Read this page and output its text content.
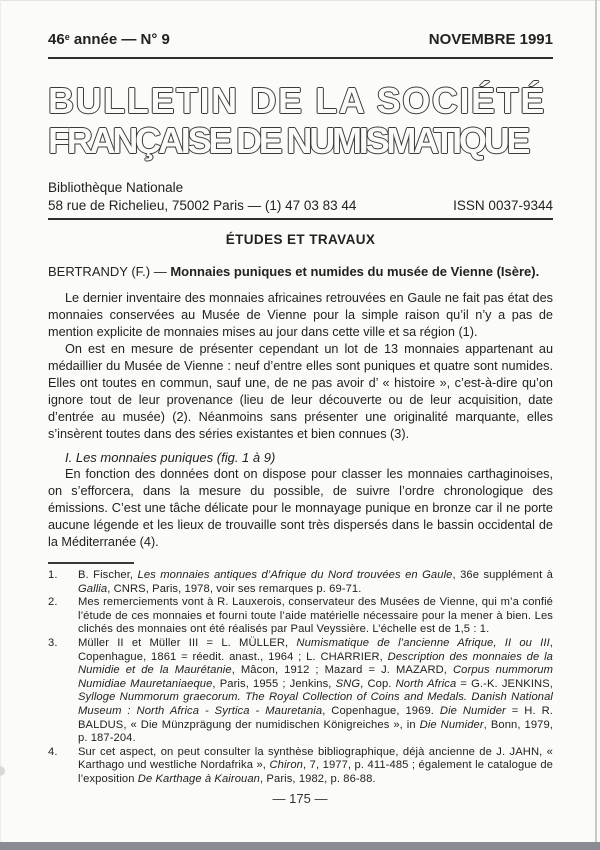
46e année — N° 9	NOVEMBRE 1991
BULLETIN DE LA SOCIÉTÉ
FRANÇAISE DE NUMISMATIQUE
Bibliothèque Nationale
58 rue de Richelieu, 75002 Paris — (1) 47 03 83 44	ISSN 0037-9344
ÉTUDES ET TRAVAUX

BERTRANDY (F.) — Monnaies puniques et numides du musée de Vienne (Isère).

Le dernier inventaire des monnaies africaines retrouvées en Gaule ne fait pas état des monnaies conservées au Musée de Vienne pour la simple raison qu’il n’y a pas de mention explicite de monnaies mises au jour dans cette ville et sa région (1).

On est en mesure de présenter cependant un lot de 13 monnaies appartenant au médaillier du Musée de Vienne : neuf d’entre elles sont puniques et quatre sont numides. Elles ont toutes en commun, sauf une, de ne pas avoir d’ « histoire », c’est-à-dire qu’on ignore tout de leur provenance (lieu de leur découverte ou de leur acquisition, date d’entrée au musée) (2). Néanmoins sans présenter une originalité marquante, elles s’insèrent toutes dans des séries existantes et bien connues (3).

I. Les monnaies puniques (fig. 1 à 9)

En fonction des données dont on dispose pour classer les monnaies carthaginoises, on s’efforcera, dans la mesure du possible, de suivre l’ordre chronologique des émissions. C’est une tâche délicate pour le monnayage punique en bronze car il ne porte aucune légende et les lieux de trouvaille sont très dispersés dans le bassin occidental de la Méditerranée (4).

1.	B. Fischer, Les monnaies antiques d’Afrique du Nord trouvées en Gaule, 36e supplément à Gallia, CNRS, Paris, 1978, voir ses remarques p. 69-71.
2.	Mes remerciements vont à R. Lauxerois, conservateur des Musées de Vienne, qui m’a confié l’étude de ces monnaies et fourni toute l’aide matérielle nécessaire pour la mener à bien. Les clichés des monnaies ont été réalisés par Paul Veyssière. L’échelle est de 1,5 : 1.
3.	Müller II et Müller III = L. MÜLLER, Numismatique de l’ancienne Afrique, II ou III, Copenhague, 1861 = réedit. anast., 1964 ; L. CHARRIER, Description des monnaies de la Numidie et de la Maurétanie, Mâcon, 1912 ; Mazard = J. MAZARD, Corpus nummorum Numidiae Mauretaniaeque, Paris, 1955 ; Jenkins, SNG, Cop. North Africa = G.-K. JENKINS, Sylloge Nummorum graecorum. The Royal Collection of Coins and Medals. Danish National Museum : North Africa - Syrtica - Mauretania, Copenhague, 1969. Die Numider = H. R. BALDUS, « Die Münzprägung der numidischen Königreiches », in Die Numider, Bonn, 1979, p. 187-204.
4.	Sur cet aspect, on peut consulter la synthèse bibliographique, déjà ancienne de J. JAHN, « Karthago und westliche Nordafrika », Chiron, 7, 1977, p. 411-485 ; également le catalogue de l’exposition De Karthage à Kairouan, Paris, 1982, p. 86-88.
— 175 —
